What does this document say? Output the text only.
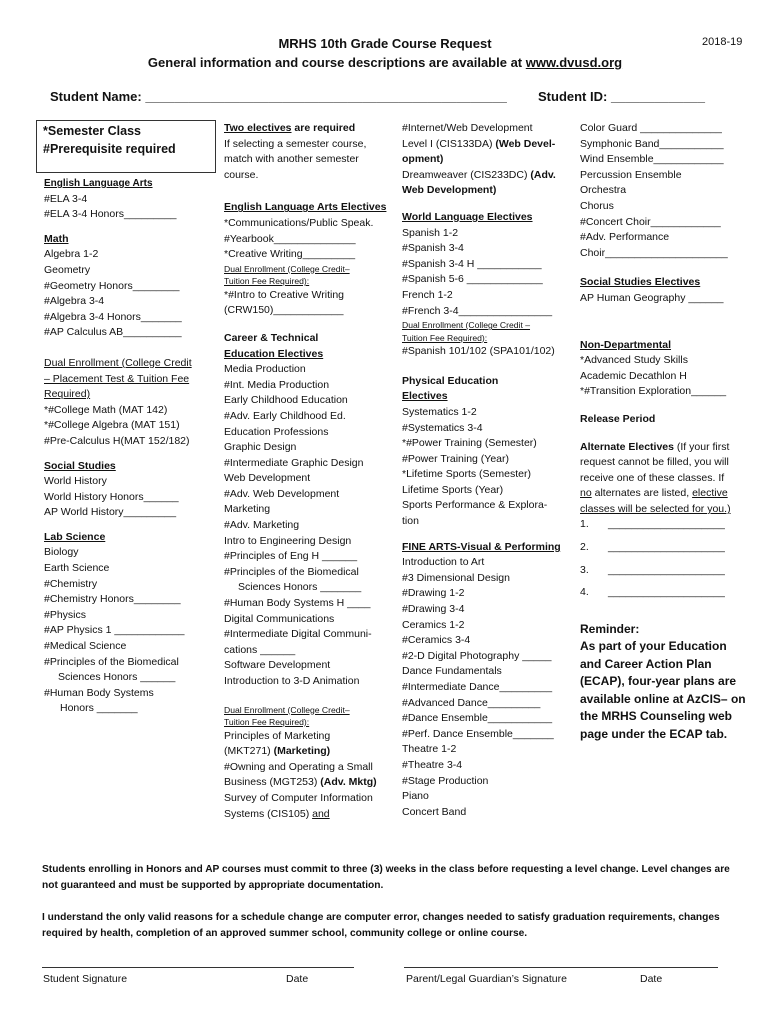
2018-19
MRHS 10th Grade Course Request
General information and course descriptions are available at www.dvusd.org
Student Name: __________________________________________________ Student ID: _____________
*Semester Class
#Prerequisite required
English Language Arts
#ELA 3-4
#ELA 3-4 Honors_________
Math
Algebra 1-2
Geometry
#Geometry Honors________
#Algebra 3-4
#Algebra 3-4 Honors_______
#AP Calculus AB__________
Dual Enrollment (College Credit
– Placement Test & Tuition Fee
Required)
*#College Math (MAT 142)
*#College Algebra (MAT 151)
#Pre-Calculus H(MAT 152/182)
Social Studies
World History
World History Honors______
AP World History_________
Lab Science
Biology
Earth Science
#Chemistry
#Chemistry Honors________
#Physics
#AP Physics 1 ____________
#Medical Science
#Principles of the Biomedical
Sciences Honors ______
#Human Body Systems
Honors _______
Two electives are required
If selecting a semester course,
match with another semester
course.
English Language Arts Electives
*Communications/Public Speak.
#Yearbook______________
*Creative Writing_________
Dual Enrollment (College Credit–
Tuition Fee Required):
*#Intro to Creative Writing
(CRW150)____________
Career & Technical
Education Electives
Media Production
#Int. Media Production
Early Childhood Education
#Adv. Early Childhood Ed.
Education Professions
Graphic Design
#Intermediate Graphic Design
Web Development
#Adv. Web Development
Marketing
#Adv. Marketing
Intro to Engineering Design
#Principles of Eng H ______
#Principles of the Biomedical
Sciences Honors _______
#Human Body Systems H ____
Digital Communications
#Intermediate Digital Communi-
cations ______
Software Development
Introduction to 3-D Animation
Dual Enrollment (College Credit–
Tuition Fee Required):
Principles of Marketing
(MKT271) (Marketing)
#Owning and Operating a Small
Business (MGT253) (Adv. Mktg)
Survey of Computer Information
Systems (CIS105) and
#Internet/Web Development
Level I (CIS133DA) (Web Devel-
opment)
Dreamweaver (CIS233DC) (Adv.
Web Development)
World Language Electives
Spanish 1-2
#Spanish 3-4
#Spanish 3-4 H ___________
#Spanish 5-6 _____________
French 1-2
#French 3-4________________
Dual Enrollment (College Credit –
Tuition Fee Required):
#Spanish 101/102 (SPA101/102)
Physical Education
Electives
Systematics 1-2
#Systematics 3-4
*#Power Training (Semester)
#Power Training (Year)
*Lifetime Sports (Semester)
Lifetime Sports (Year)
Sports Performance & Explora-
tion
FINE ARTS-Visual & Performing
Introduction to Art
#3 Dimensional Design
#Drawing 1-2
#Drawing 3-4
Ceramics 1-2
#Ceramics 3-4
#2-D Digital Photography _____
Dance Fundamentals
#Intermediate Dance_________
#Advanced Dance_________
#Dance Ensemble___________
#Perf. Dance Ensemble_______
Theatre 1-2
#Theatre 3-4
#Stage Production
Piano
Concert Band
Color Guard ______________
Symphonic Band___________
Wind Ensemble____________
Percussion Ensemble
Orchestra
Chorus
#Concert Choir____________
#Adv. Performance
Choir_____________________
Social Studies Electives
AP Human Geography ______
Non-Departmental
*Advanced Study Skills
Academic Decathlon H
*#Transition Exploration______
Release Period
Alternate Electives (If your first
request cannot be filled, you will
receive one of these classes. If
no alternates are listed, elective
classes will be selected for you.)
1. ____________________
2. ____________________
3. ____________________
4. ____________________
Reminder:
As part of your Education
and Career Action Plan
(ECAP), four-year plans are
available online at AzCIS– on
the MRHS Counseling web
page under the ECAP tab.
Students enrolling in Honors and AP courses must commit to three (3) weeks in the class before requesting a level change. Level changes are not guaranteed and must be supported by appropriate documentation.
I understand the only valid reasons for a schedule change are computer error, changes needed to satisfy graduation requirements, changes required by health, completion of an approved summer school, community college or online course.
Student Signature	Date	Parent/Legal Guardian’s Signature	Date
